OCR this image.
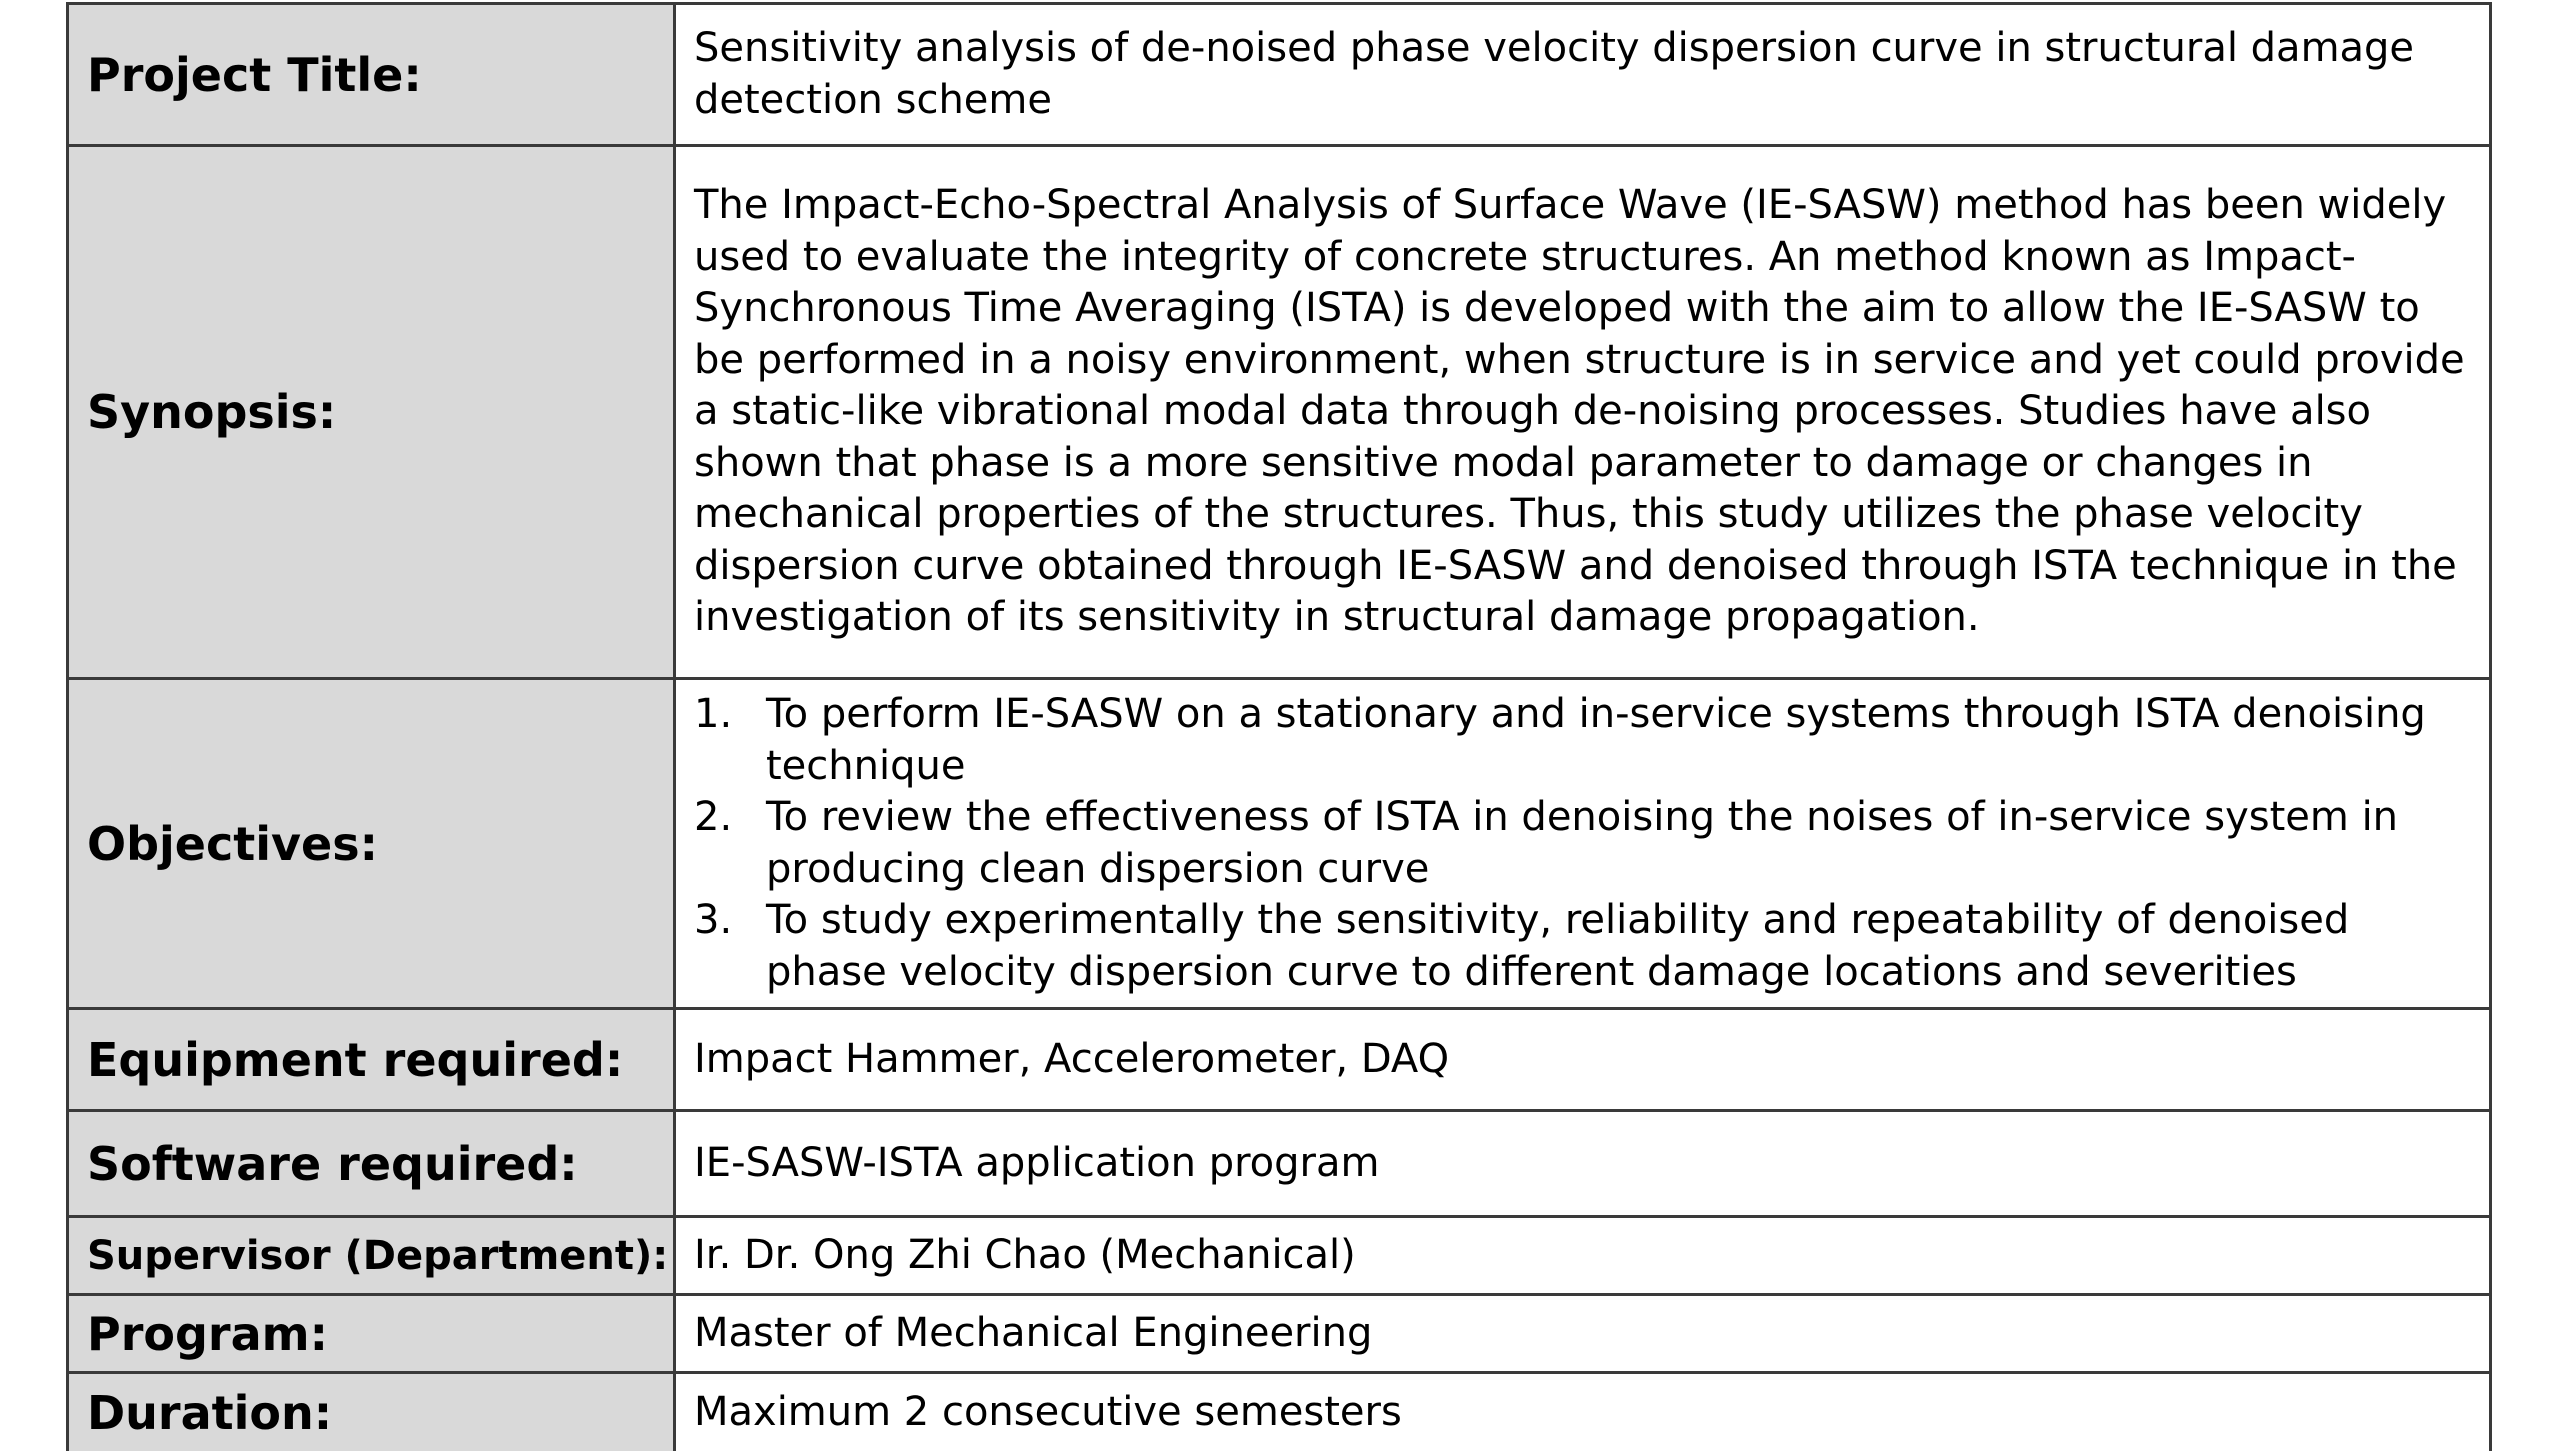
Project Title:	Sensitivity analysis of de-noised phase velocity dispersion curve in structural damage detection scheme
Synopsis:
The Impact-Echo-Spectral Analysis of Surface Wave (IE-SASW) method has been widely used to evaluate the integrity of concrete structures. An method known as Impact-Synchronous Time Averaging (ISTA) is developed with the aim to allow the IE-SASW to be performed in a noisy environment, when structure is in service and yet could provide a static-like vibrational modal data through de-noising processes. Studies have also shown that phase is a more sensitive modal parameter to damage or changes in mechanical properties of the structures. Thus, this study utilizes the phase velocity dispersion curve obtained through IE-SASW and denoised through ISTA technique in the investigation of its sensitivity in structural damage propagation.
Objectives:
1. To perform IE-SASW on a stationary and in-service systems through ISTA denoising technique
2. To review the effectiveness of ISTA in denoising the noises of in-service system in producing clean dispersion curve
3. To study experimentally the sensitivity, reliability and repeatability of denoised phase velocity dispersion curve to different damage locations and severities
Equipment required:	Impact Hammer, Accelerometer, DAQ
Software required:	IE-SASW-ISTA application program
Supervisor (Department): Ir. Dr. Ong Zhi Chao (Mechanical)
Program:	Master of Mechanical Engineering
Duration:	Maximum 2 consecutive semesters
